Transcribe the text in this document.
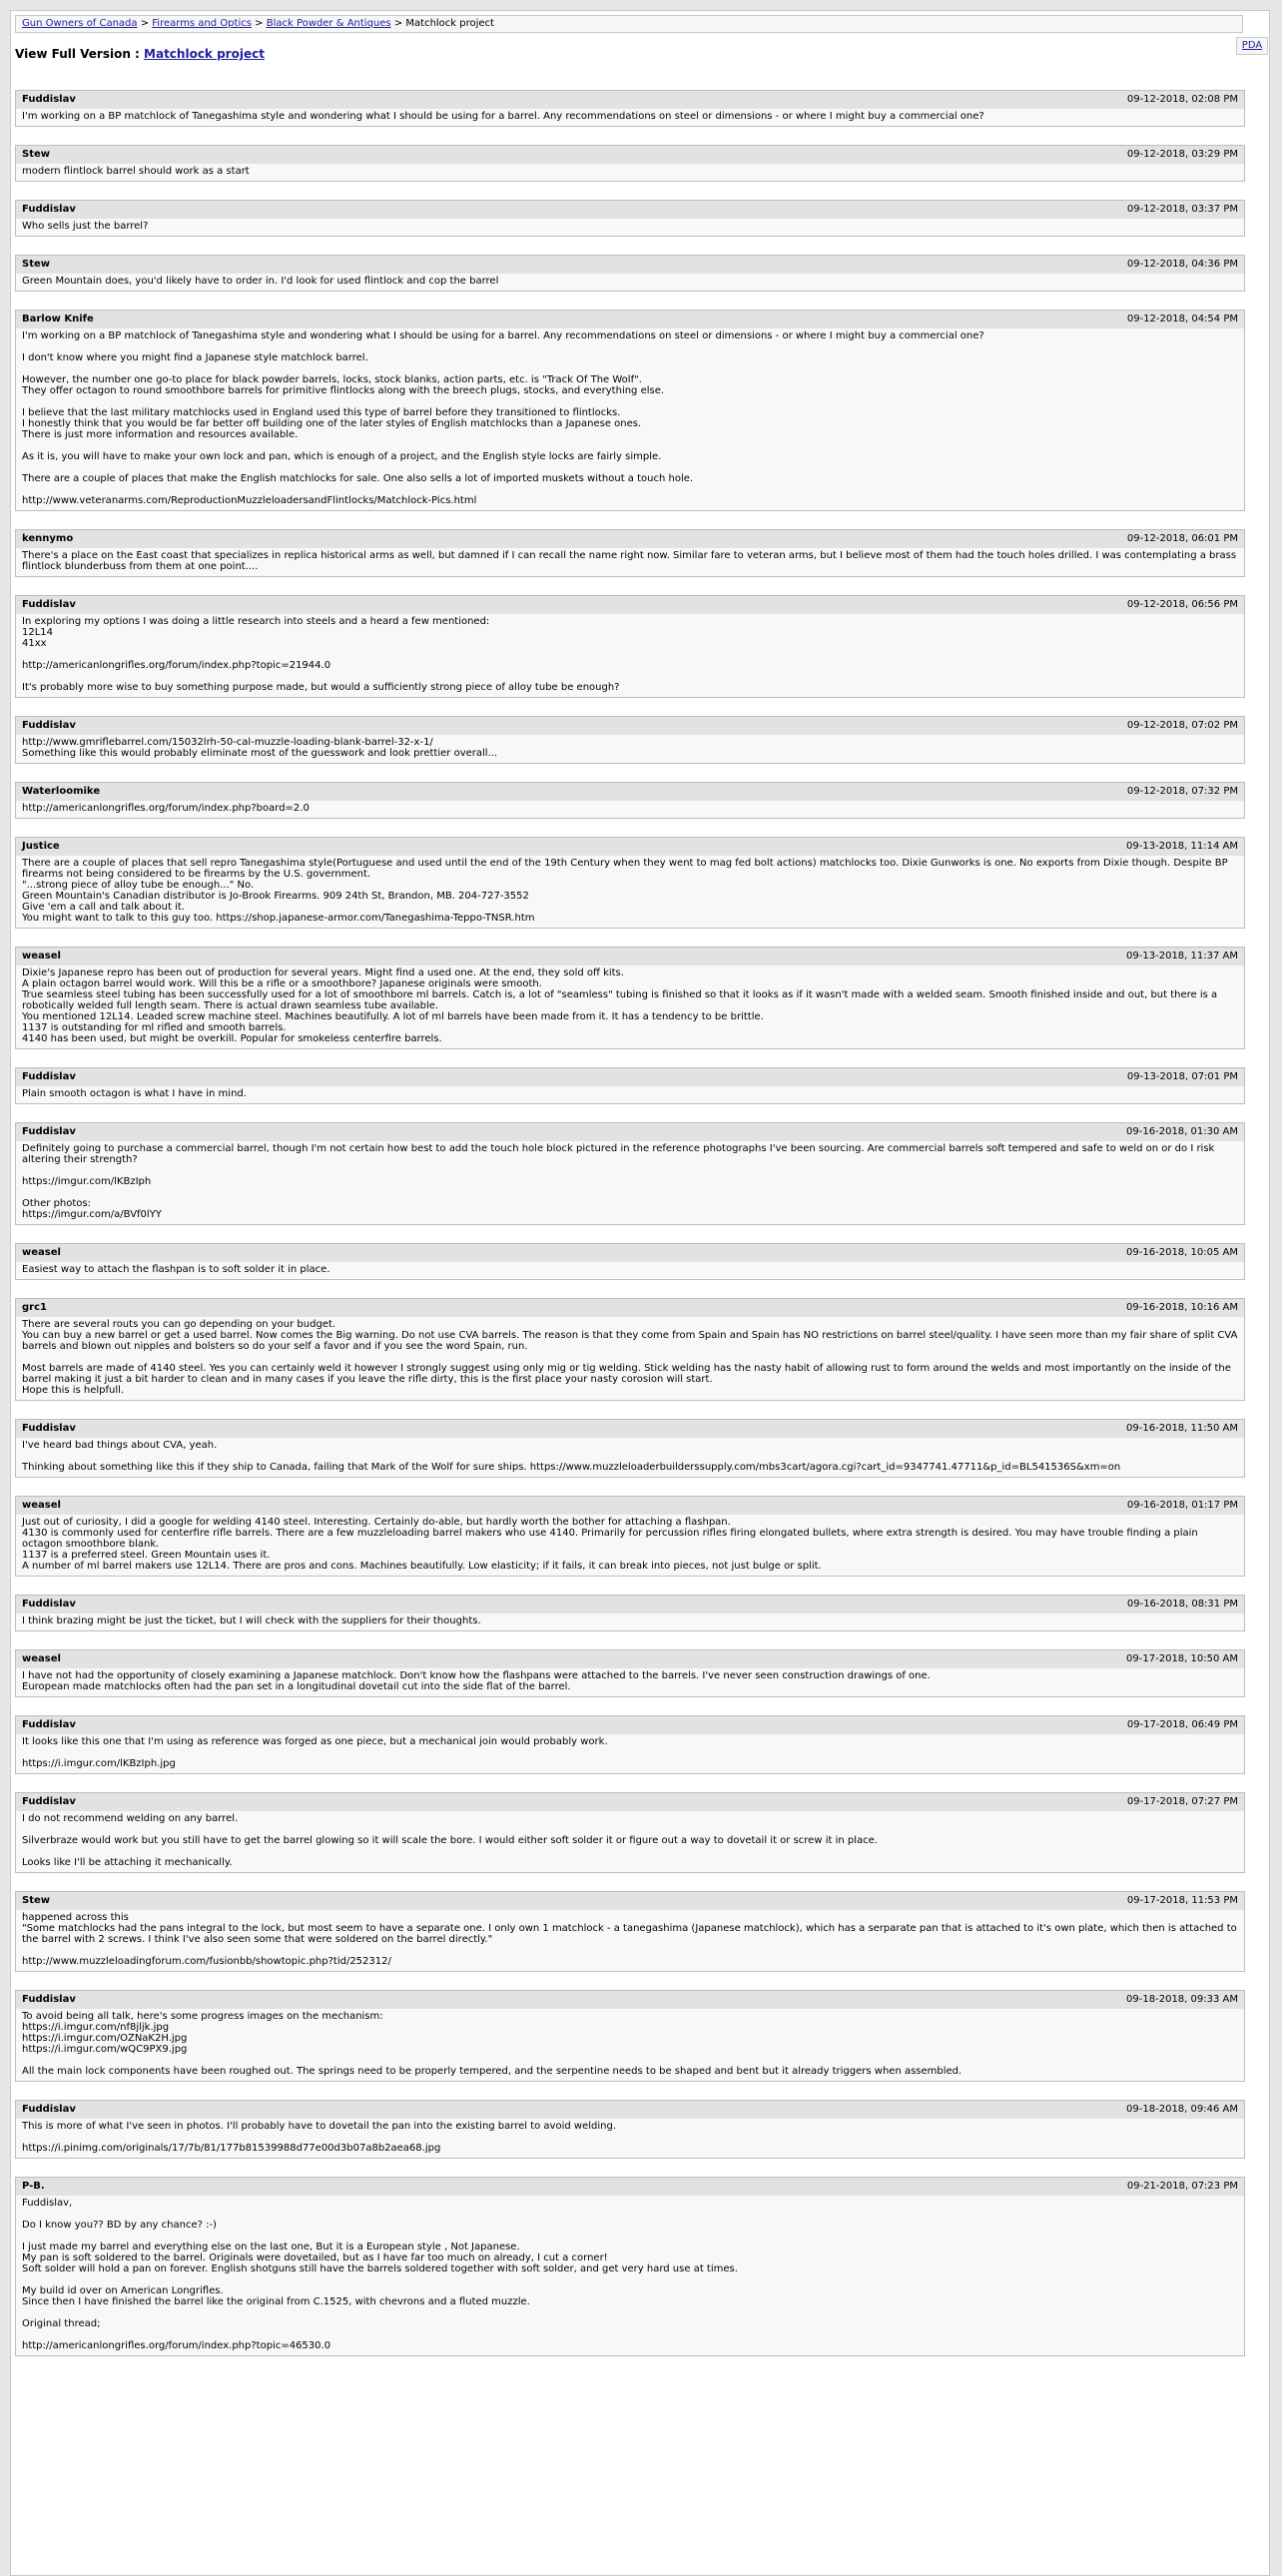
Gun Owners of Canada > Firearms and Optics > Black Powder & Antiques > Matchlock project
PDA
View Full Version : Matchlock project
Fuddislav	09-12-2018, 02:08 PM
I'm working on a BP matchlock of Tanegashima style and wondering what I should be using for a barrel. Any recommendations on steel or dimensions - or where I might buy a commercial one?
Stew	09-12-2018, 03:29 PM
modern flintlock barrel should work as a start
Fuddislav	09-12-2018, 03:37 PM
Who sells just the barrel?
Stew	09-12-2018, 04:36 PM
Green Mountain does, you'd likely have to order in. I'd look for used flintlock and cop the barrel
Barlow Knife	09-12-2018, 04:54 PM
I'm working on a BP matchlock of Tanegashima style and wondering what I should be using for a barrel. Any recommendations on steel or dimensions - or where I might buy a commercial one?
I don't know where you might find a Japanese style matchlock barrel.
However, the number one go-to place for black powder barrels, locks, stock blanks, action parts, etc. is "Track Of The Wolf".
They offer octagon to round smoothbore barrels for primitive flintlocks along with the breech plugs, stocks, and everything else.
I believe that the last military matchlocks used in England used this type of barrel before they transitioned to flintlocks.
I honestly think that you would be far better off building one of the later styles of English matchlocks than a Japanese ones.
There is just more information and resources available.
As it is, you will have to make your own lock and pan, which is enough of a project, and the English style locks are fairly simple.
There are a couple of places that make the English matchlocks for sale. One also sells a lot of imported muskets without a touch hole.
http://www.veteranarms.com/ReproductionMuzzleloadersandFlintlocks/Matchlock-Pics.html
kennymo	09-12-2018, 06:01 PM
There's a place on the East coast that specializes in replica historical arms as well, but damned if I can recall the name right now. Similar fare to veteran arms, but I believe most of them had the touch holes drilled. I was contemplating a brass flintlock blunderbuss from them at one point....
Fuddislav	09-12-2018, 06:56 PM
In exploring my options I was doing a little research into steels and a heard a few mentioned:
12L14
41xx
http://americanlongrifles.org/forum/index.php?topic=21944.0
It's probably more wise to buy something purpose made, but would a sufficiently strong piece of alloy tube be enough?
Fuddislav	09-12-2018, 07:02 PM
http://www.gmriflebarrel.com/15032lrh-50-cal-muzzle-loading-blank-barrel-32-x-1/
Something like this would probably eliminate most of the guesswork and look prettier overall...
Waterloomike	09-12-2018, 07:32 PM
http://americanlongrifles.org/forum/index.php?board=2.0
Justice	09-13-2018, 11:14 AM
There are a couple of places that sell repro Tanegashima style(Portuguese and used until the end of the 19th Century when they went to mag fed bolt actions) matchlocks too. Dixie Gunworks is one. No exports from Dixie though. Despite BP firearms not being considered to be firearms by the U.S. government.
"...strong piece of alloy tube be enough..." No.
Green Mountain's Canadian distributor is Jo-Brook Firearms. 909 24th St, Brandon, MB. 204-727-3552
Give 'em a call and talk about it.
You might want to talk to this guy too. https://shop.japanese-armor.com/Tanegashima-Teppo-TNSR.htm
weasel	09-13-2018, 11:37 AM
Dixie's Japanese repro has been out of production for several years. Might find a used one. At the end, they sold off kits.
A plain octagon barrel would work. Will this be a rifle or a smoothbore? Japanese originals were smooth.
True seamless steel tubing has been successfully used for a lot of smoothbore ml barrels. Catch is, a lot of "seamless" tubing is finished so that it looks as if it wasn't made with a welded seam. Smooth finished inside and out, but there is a robotically welded full length seam. There is actual drawn seamless tube available.
You mentioned 12L14. Leaded screw machine steel. Machines beautifully. A lot of ml barrels have been made from it. It has a tendency to be brittle.
1137 is outstanding for ml rifled and smooth barrels.
4140 has been used, but might be overkill. Popular for smokeless centerfire barrels.
Fuddislav	09-13-2018, 07:01 PM
Plain smooth octagon is what I have in mind.
Fuddislav	09-16-2018, 01:30 AM
Definitely going to purchase a commercial barrel, though I'm not certain how best to add the touch hole block pictured in the reference photographs I've been sourcing. Are commercial barrels soft tempered and safe to weld on or do I risk altering their strength?
https://imgur.com/lKBzIph
Other photos:
https://imgur.com/a/BVf0lYY
weasel	09-16-2018, 10:05 AM
Easiest way to attach the flashpan is to soft solder it in place.
grc1	09-16-2018, 10:16 AM
There are several routs you can go depending on your budget.
You can buy a new barrel or get a used barrel. Now comes the Big warning. Do not use CVA barrels. The reason is that they come from Spain and Spain has NO restrictions on barrel steel/quality. I have seen more than my fair share of split CVA barrels and blown out nipples and bolsters so do your self a favor and if you see the word Spain, run.
Most barrels are made of 4140 steel. Yes you can certainly weld it however I strongly suggest using only mig or tig welding. Stick welding has the nasty habit of allowing rust to form around the welds and most importantly on the inside of the barrel making it just a bit harder to clean and in many cases if you leave the rifle dirty, this is the first place your nasty corosion will start.
Hope this is helpfull.
Fuddislav	09-16-2018, 11:50 AM
I've heard bad things about CVA, yeah.
Thinking about something like this if they ship to Canada, failing that Mark of the Wolf for sure ships. https://www.muzzleloaderbuilderssupply.com/mbs3cart/agora.cgi?cart_id=9347741.47711&p_id=BL541536S&xm=on
weasel	09-16-2018, 01:17 PM
Just out of curiosity, I did a google for welding 4140 steel. Interesting. Certainly do-able, but hardly worth the bother for attaching a flashpan.
4130 is commonly used for centerfire rifle barrels. There are a few muzzleloading barrel makers who use 4140. Primarily for percussion rifles firing elongated bullets, where extra strength is desired. You may have trouble finding a plain octagon smoothbore blank.
1137 is a preferred steel. Green Mountain uses it.
A number of ml barrel makers use 12L14. There are pros and cons. Machines beautifully. Low elasticity; if it fails, it can break into pieces, not just bulge or split.
Fuddislav	09-16-2018, 08:31 PM
I think brazing might be just the ticket, but I will check with the suppliers for their thoughts.
weasel	09-17-2018, 10:50 AM
I have not had the opportunity of closely examining a Japanese matchlock. Don't know how the flashpans were attached to the barrels. I've never seen construction drawings of one.
European made matchlocks often had the pan set in a longitudinal dovetail cut into the side flat of the barrel.
Fuddislav	09-17-2018, 06:49 PM
It looks like this one that I'm using as reference was forged as one piece, but a mechanical join would probably work.
https://i.imgur.com/lKBzIph.jpg
Fuddislav	09-17-2018, 07:27 PM
I do not recommend welding on any barrel.
Silverbraze would work but you still have to get the barrel glowing so it will scale the bore. I would either soft solder it or figure out a way to dovetail it or screw it in place.
Looks like I'll be attaching it mechanically.
Stew	09-17-2018, 11:53 PM
happened across this
"Some matchlocks had the pans integral to the lock, but most seem to have a separate one. I only own 1 matchlock - a tanegashima (Japanese matchlock), which has a serparate pan that is attached to it's own plate, which then is attached to the barrel with 2 screws. I think I've also seen some that were soldered on the barrel directly."
http://www.muzzleloadingforum.com/fusionbb/showtopic.php?tid/252312/
Fuddislav	09-18-2018, 09:33 AM
To avoid being all talk, here's some progress images on the mechanism:
https://i.imgur.com/nf8jljk.jpg
https://i.imgur.com/OZNaK2H.jpg
https://i.imgur.com/wQC9PX9.jpg
All the main lock components have been roughed out. The springs need to be properly tempered, and the serpentine needs to be shaped and bent but it already triggers when assembled.
Fuddislav	09-18-2018, 09:46 AM
This is more of what I've seen in photos. I'll probably have to dovetail the pan into the existing barrel to avoid welding.
https://i.pinimg.com/originals/17/7b/81/177b81539988d77e00d3b07a8b2aea68.jpg
P-B.	09-21-2018, 07:23 PM
Fuddislav,
Do I know you?? BD by any chance? :-)
I just made my barrel and everything else on the last one, But it is a European style , Not Japanese.
My pan is soft soldered to the barrel. Originals were dovetailed, but as I have far too much on already, I cut a corner!
Soft solder will hold a pan on forever. English shotguns still have the barrels soldered together with soft solder, and get very hard use at times.
My build id over on American Longrifles.
Since then I have finished the barrel like the original from C.1525, with chevrons and a fluted muzzle.
Original thread;
http://americanlongrifles.org/forum/index.php?topic=46530.0
